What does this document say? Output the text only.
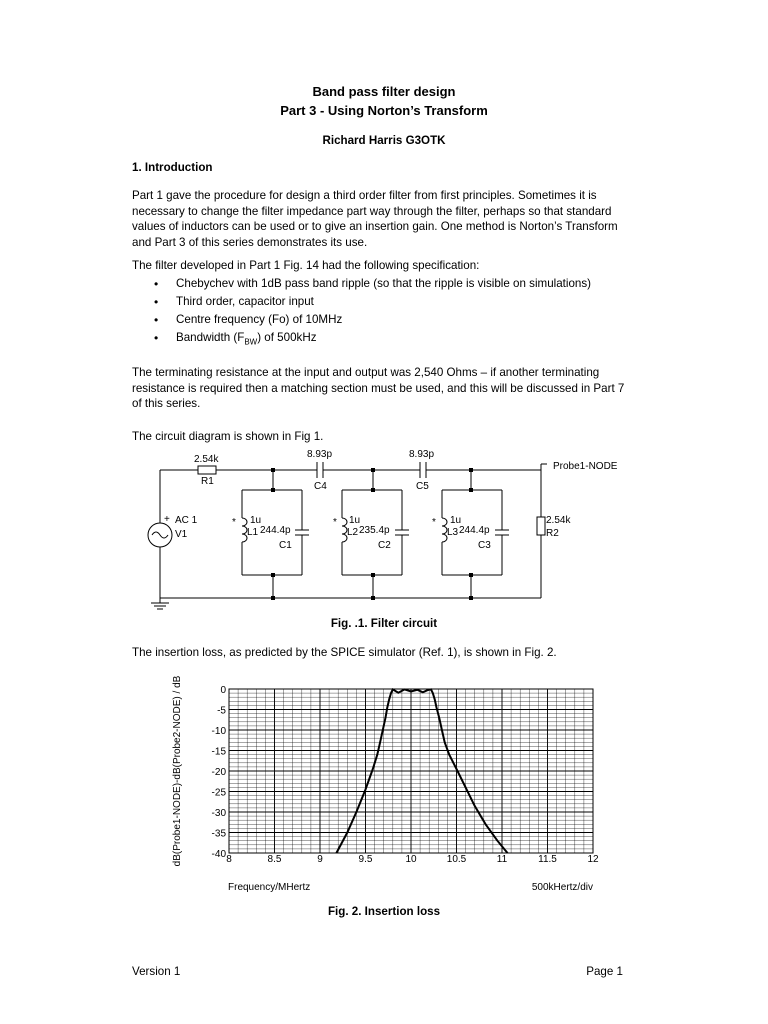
Band pass filter design
Part 3 - Using Norton’s Transform
Richard Harris G3OTK
1. Introduction
Part 1 gave the procedure for design a third order filter from first principles. Sometimes it is
necessary to change the filter impedance part way through the filter, perhaps so that standard
values of inductors can be used or to give an insertion gain. One method is Norton’s Transform
and Part 3 of this series demonstrates its use.
The filter developed in Part 1 Fig. 14 had the following specification:
• Chebychev with 1dB pass band ripple (so that the ripple is visible on simulations)
• Third order, capacitor input
• Centre frequency (Fo) of 10MHz
• Bandwidth $(F_{BW})$ of 500kHz
The terminating resistance at the input and output was 2,540 Ohms – if another terminating
resistance is required then a matching section must be used, and this will be discussed in Part 7
of this series.
The circuit diagram is shown in Fig 1.
2.54k
R1
8.93p
C4
8.93p
C5
Probe1-NODE
+ AC 1
V1
* 1u
L1 244.4p
C1
* 1u
L2 235.4p
C2
* 1u
L3 244.4p
C3
2.54k
R2
Fig. .1. Filter circuit
The insertion loss, as predicted by the SPICE simulator (Ref. 1), is shown in Fig. 2.
0
-5
-10
-15
-20
-25
-30
-35
-40 8	8.5	9	9.5	10	10.5	11	11.5	12
dB(Probe1-NODE)-dB(Probe2-NODE) / dB
Frequency/MHertz	500kHertz/div
Fig. 2. Insertion loss
Version 1	Page 1
